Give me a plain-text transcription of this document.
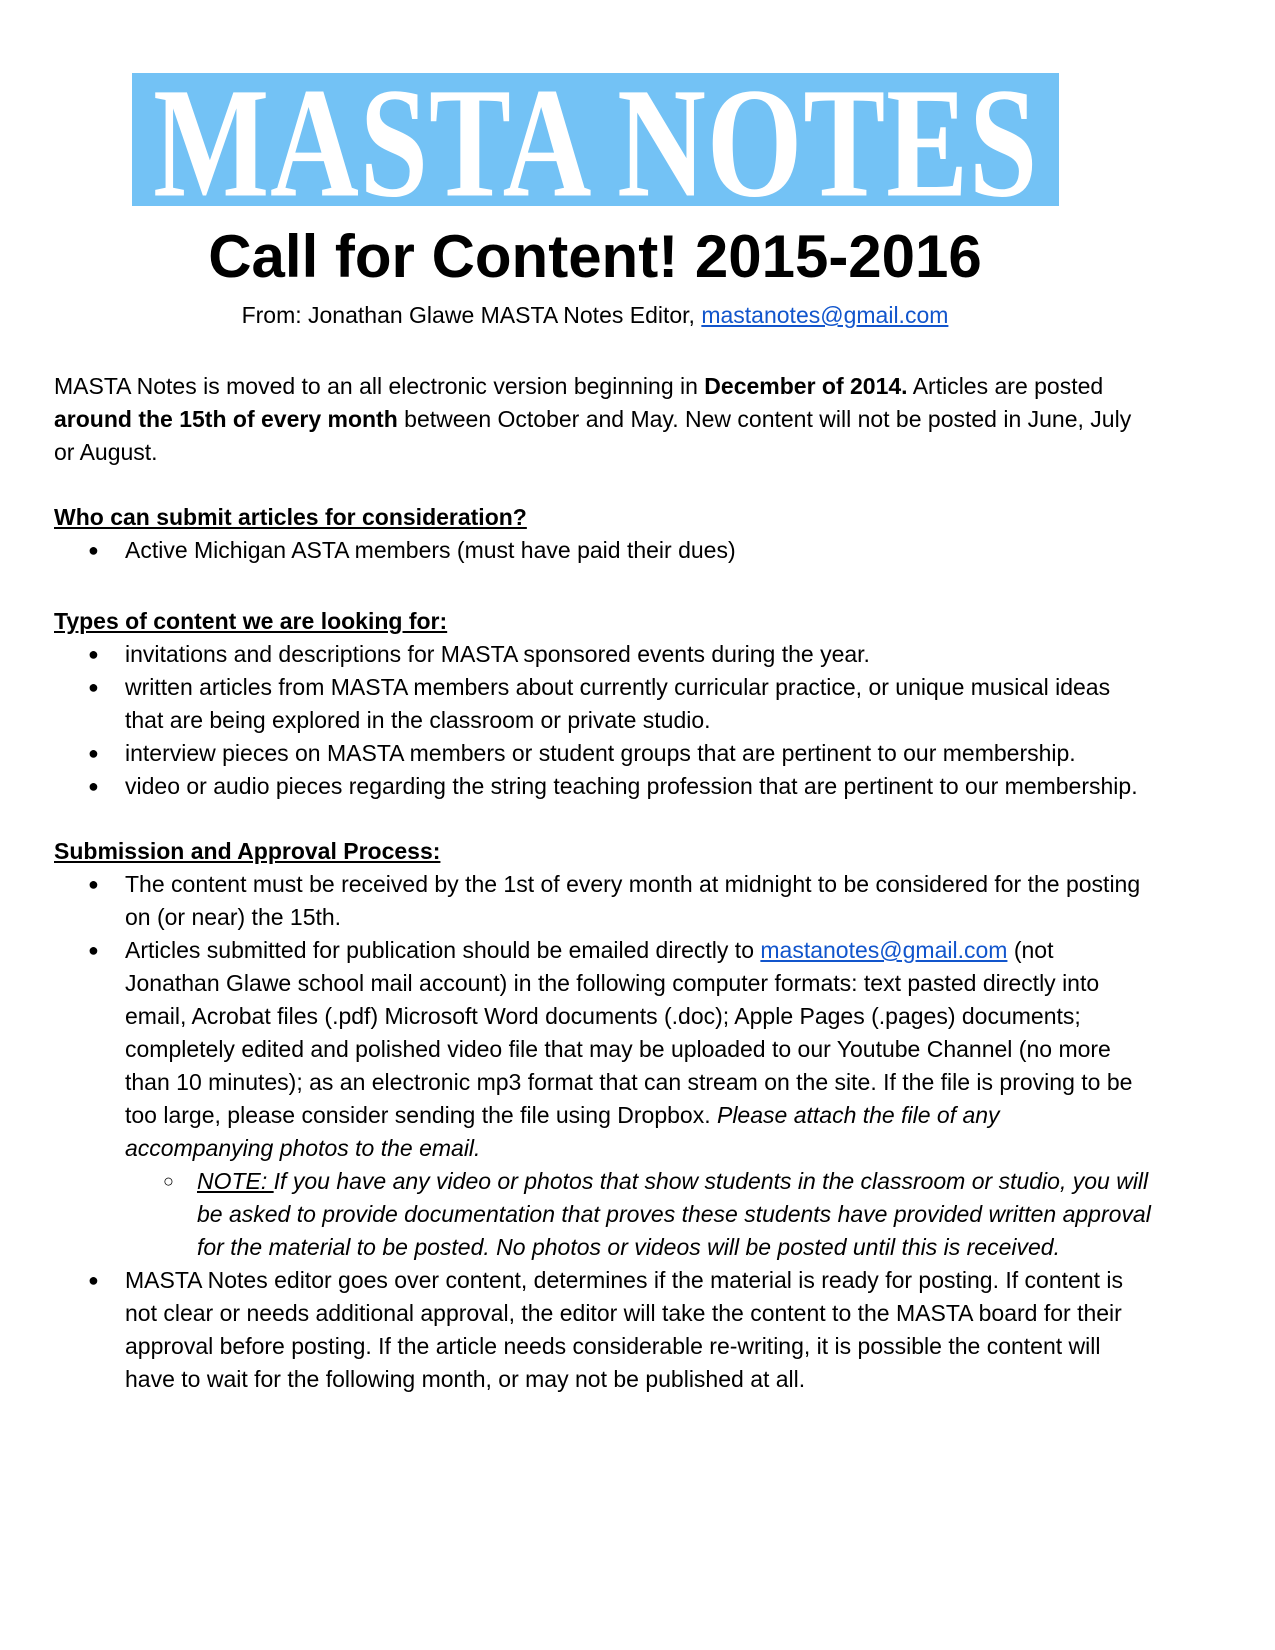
MASTA NOTES
Call for Content! 2015-2016
From: Jonathan Glawe MASTA Notes Editor, mastanotes@gmail.com

MASTA Notes is moved to an all electronic version beginning in December of 2014. Articles are posted around the 15th of every month between October and May. New content will not be posted in June, July or August.

Who can submit articles for consideration?

● Active Michigan ASTA members (must have paid their dues)

Types of content we are looking for:

● invitations and descriptions for MASTA sponsored events during the year.
● written articles from MASTA members about currently curricular practice, or unique musical ideas that are being explored in the classroom or private studio.
● interview pieces on MASTA members or student groups that are pertinent to our membership.
● video or audio pieces regarding the string teaching profession that are pertinent to our membership.

Submission and Approval Process:

● The content must be received by the 1st of every month at midnight to be considered for the posting on (or near) the 15th.
● Articles submitted for publication should be emailed directly to mastanotes@gmail.com (not Jonathan Glawe school mail account) in the following computer formats: text pasted directly into email, Acrobat files (.pdf) Microsoft Word documents (.doc); Apple Pages (.pages) documents; completely edited and polished video file that may be uploaded to our Youtube Channel (no more than 10 minutes); as an electronic mp3 format that can stream on the site. If the file is proving to be too large, please consider sending the file using Dropbox. Please attach the file of any accompanying photos to the email.
○ NOTE: If you have any video or photos that show students in the classroom or studio, you will be asked to provide documentation that proves these students have provided written approval for the material to be posted. No photos or videos will be posted until this is received.
● MASTA Notes editor goes over content, determines if the material is ready for posting. If content is not clear or needs additional approval, the editor will take the content to the MASTA board for their approval before posting. If the article needs considerable re-writing, it is possible the content will have to wait for the following month, or may not be published at all.
